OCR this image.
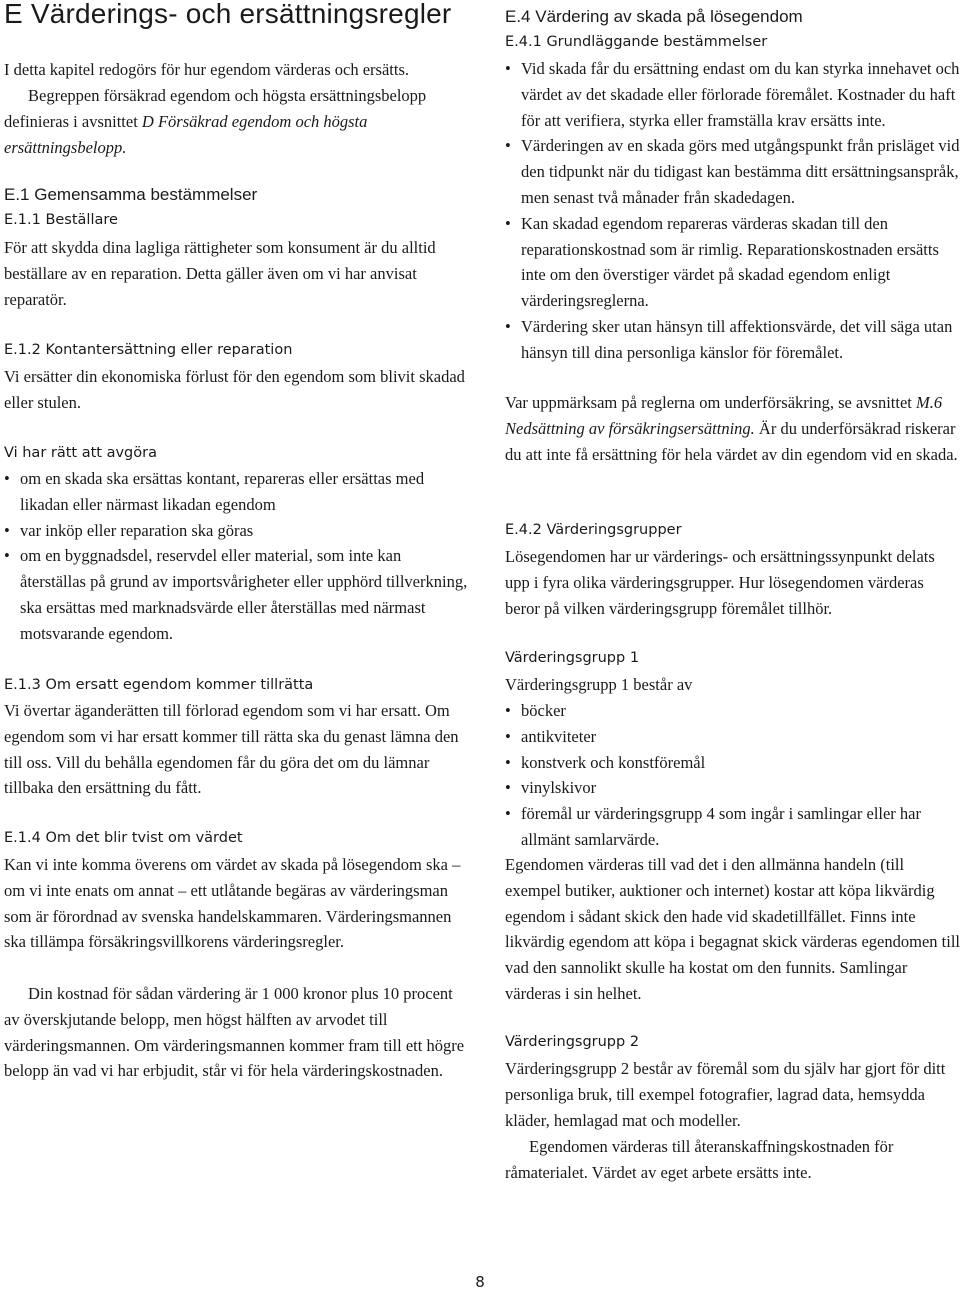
E Värderings- och ersättningsregler

I detta kapitel redogörs för hur egendom värderas och ersätts.

Begreppen försäkrad egendom och högsta ersättningsbelopp definieras i avsnittet D Försäkrad egendom och högsta ersättningsbelopp.

E.1 Gemensamma bestämmelser
E.1.1 Beställare

För att skydda dina lagliga rättigheter som konsument är du alltid beställare av en reparation. Detta gäller även om vi har anvisat reparatör.

E.1.2 Kontantersättning eller reparation

Vi ersätter din ekonomiska förlust för den egendom som blivit skadad eller stulen.

Vi har rätt att avgöra

• om en skada ska ersättas kontant, repareras eller ersättas med likadan eller närmast likadan egendom
• var inköp eller reparation ska göras
• om en byggnadsdel, reservdel eller material, som inte kan återställas på grund av importsvårigheter eller upphörd tillverkning, ska ersättas med marknadsvärde eller återställas med närmast motsvarande egendom.
E.1.3 Om ersatt egendom kommer tillrätta

Vi övertar äganderätten till förlorad egendom som vi har ersatt. Om egendom som vi har ersatt kommer till rätta ska du genast lämna den till oss. Vill du behålla egendomen får du göra det om du lämnar tillbaka den ersättning du fått.

E.1.4 Om det blir tvist om värdet

Kan vi inte komma överens om värdet av skada på lösegendom ska – om vi inte enats om annat – ett utlåtande begäras av värderingsman som är förordnad av svenska handelskammaren. Värderingsmannen ska tillämpa försäkringsvillkorens värderingsregler.

Din kostnad för sådan värdering är 1 000 kronor plus 10 procent av överskjutande belopp, men högst hälften av arvodet till värderingsmannen. Om värderingsmannen kommer fram till ett högre belopp än vad vi har erbjudit, står vi för hela värderingskostnaden.

E.4 Värdering av skada på lösegendom
E.4.1 Grundläggande bestämmelser
• Vid skada får du ersättning endast om du kan styrka innehavet och värdet av det skadade eller förlorade föremålet. Kostnader du haft för att verifiera, styrka eller framställa krav ersätts inte.
• Värderingen av en skada görs med utgångspunkt från prisläget vid den tidpunkt när du tidigast kan bestämma ditt ersättningsanspråk, men senast två månader från skadedagen.
• Kan skadad egendom repareras värderas skadan till den reparationskostnad som är rimlig. Reparationskostnaden ersätts inte om den överstiger värdet på skadad egendom enligt värderingsreglerna.
• Värdering sker utan hänsyn till affektionsvärde, det vill säga utan hänsyn till dina personliga känslor för föremålet.

Var uppmärksam på reglerna om underförsäkring, se avsnittet M.6 Nedsättning av försäkringsersättning. Är du underförsäkrad riskerar du att inte få ersättning för hela värdet av din egendom vid en skada.

E.4.2 Värderingsgrupper

Lösegendomen har ur värderings- och ersättningssynpunkt delats upp i fyra olika värderingsgrupper. Hur lösegendomen värderas beror på vilken värderingsgrupp föremålet tillhör.

Värderingsgrupp 1

Värderingsgrupp 1 består av

• böcker
• antikviteter
• konstverk och konstföremål
• vinylskivor
• föremål ur värderingsgrupp 4 som ingår i samlingar eller har allmänt samlarvärde.

Egendomen värderas till vad det i den allmänna handeln (till exempel butiker, auktioner och internet) kostar att köpa likvärdig egendom i sådant skick den hade vid skadetillfället. Finns inte likvärdig egendom att köpa i begagnat skick värderas egendomen till vad den sannolikt skulle ha kostat om den funnits. Samlingar värderas i sin helhet.

Värderingsgrupp 2

Värderingsgrupp 2 består av föremål som du själv har gjort för ditt personliga bruk, till exempel fotografier, lagrad data, hemsydda kläder, hemlagad mat och modeller.

Egendomen värderas till återanskaffningskostnaden för råmaterialet. Värdet av eget arbete ersätts inte.

8
